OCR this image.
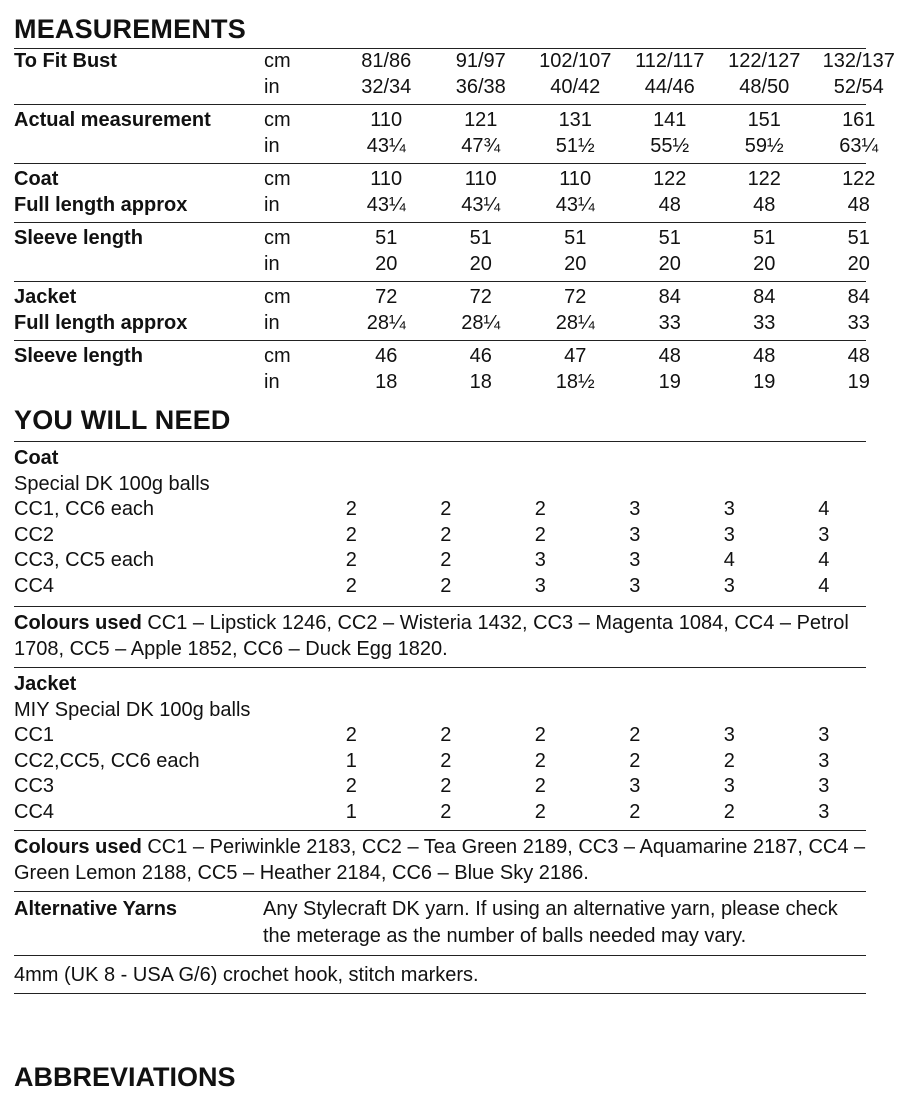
MEASUREMENTS
To Fit Bust	cm	81/86	91/97	102/107	112/117	122/127	132/137
in	32/34	36/38	40/42	44/46	48/50	52/54
Actual measurement	cm	110	121	131	141	151	161
in	43¼	47¾	51½	55½	59½	63¼
Coat	cm	110	110	110	122	122	122
Full length approx	in	43¼	43¼	43¼	48	48	48
Sleeve length	cm	51	51	51	51	51	51
in	20	20	20	20	20	20
Jacket	cm	72	72	72	84	84	84
Full length approx	in	28¼	28¼	28¼	33	33	33
Sleeve length	cm	46	46	47	48	48	48
in	18	18	18½	19	19	19
YOU WILL NEED
Coat
Special DK 100g balls
CC1, CC6 each	2	2	2	3	3	4
CC2	2	2	2	3	3	3
CC3, CC5 each	2	2	3	3	4	4
CC4	2	2	3	3	3	4
Colours used CC1 – Lipstick 1246, CC2 – Wisteria 1432, CC3 – Magenta 1084, CC4 – Petrol 1708, CC5 – Apple 1852, CC6 – Duck Egg 1820.
Jacket
MIY Special DK 100g balls
CC1	2	2	2	2	3	3
CC2,CC5, CC6 each	1	2	2	2	2	3
CC3	2	2	2	3	3	3
CC4	1	2	2	2	2	3
Colours used CC1 – Periwinkle 2183, CC2 – Tea Green 2189, CC3 – Aquamarine 2187, CC4 – Green Lemon 2188, CC5 – Heather 2184, CC6 – Blue Sky 2186.
Alternative Yarns	Any Stylecraft DK yarn. If using an alternative yarn, please check the meterage as the number of balls needed may vary.
4mm (UK 8 - USA G/6) crochet hook, stitch markers.
ABBREVIATIONS
